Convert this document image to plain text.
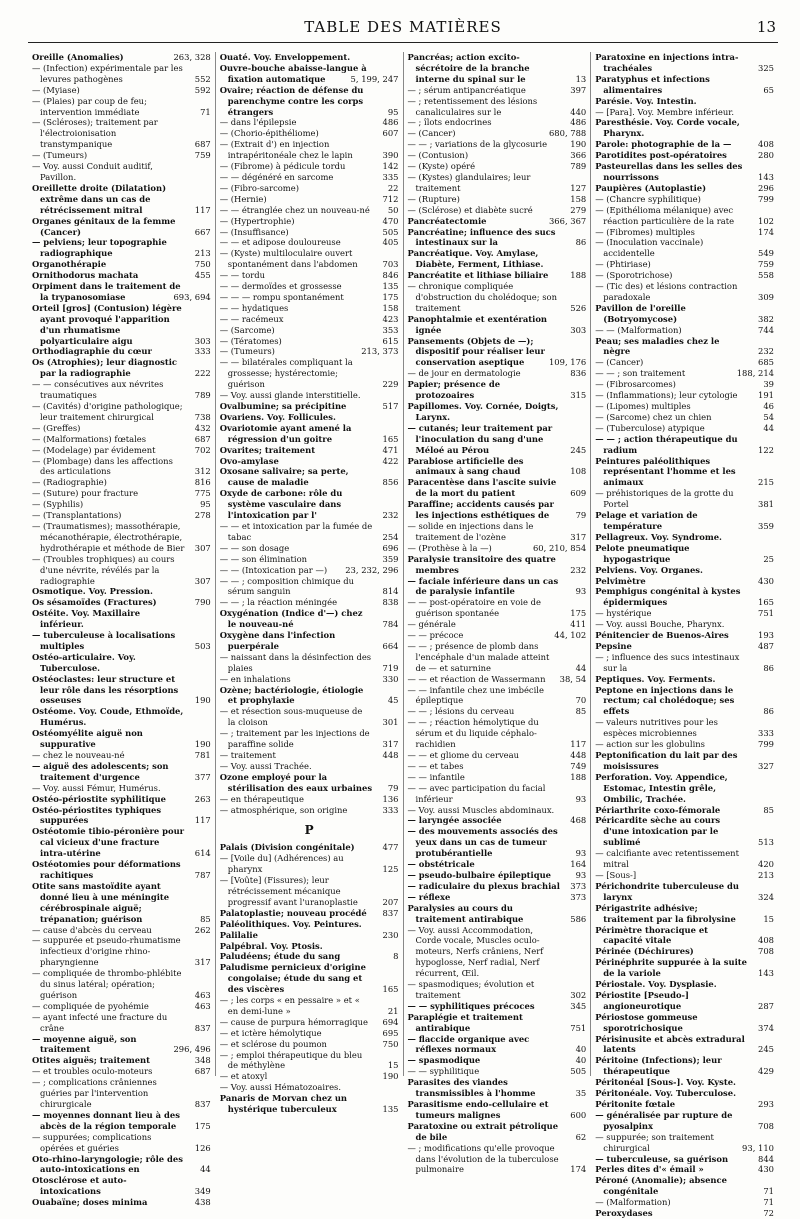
TABLE DES MATIÈRES	13
Oreille (Anomalies)	263, 328
— (Infection) expérimentale par les levures pathogènes	552
— (Myiase)	592
— (Plaies) par coup de feu; intervention immédiate	71
— (Scléroses); traitement par l'électroionisation transtympanique	687
— (Tumeurs)	759
— Voy. aussi Conduit auditif, Pavillon.
Oreillette droite (Dilatation) extrême dans un cas de rétrécissement mitral	117
Organes génitaux de la femme (Cancer)	667
— pelviens; leur topographie radiographique	213
Organothérapie	750
Ornithodorus machata	455
Orpiment dans le traitement de la trypanosomiase	693, 694
Orteil [gros] (Contusion) légère ayant provoqué l'apparition d'un rhumatisme polyarticulaire aigu	303
Orthodiagraphie du cœur	333
Os (Atrophies); leur diagnostic par la radiographie	222
— — consécutives aux névrites traumatiques	789
— (Cavités) d'origine pathologique; leur traitement chirurgical	738
— (Greffes)	432
— (Malformations) fœtales	687
— (Modelage) par évidement	702
— (Plombage) dans les affections des articulations	312
— (Radiographie)	816
— (Suture) pour fracture	775
— (Syphilis)	95
— (Transplantations)	278
— (Traumatismes); massothérapie, mécanothérapie, électrothérapie, hydrothérapie et méthode de Bier 307
— (Troubles trophiques) au cours d'une névrite, révélés par la radiographie	307
Osmotique. Voy. Pression.
Os sésamoïdes (Fractures)	790
Ostéite. Voy. Maxillaire inférieur.
— tuberculeuse à localisations multiples	503
Ostéo-articulaire. Voy. Tuberculose.
Ostéoclastes: leur structure et leur rôle dans les résorptions osseuses	190
Ostéome. Voy. Coude, Ethmoïde, Humérus.
Ostéomyélite aiguë non suppurative	190
— chez le nouveau-né	781
— aiguë des adolescents; son traitement d'urgence	377
— Voy. aussi Fémur, Humérus.
Ostéo-périostite syphilitique	263
Ostéo-périostites typhiques suppurées	117
Ostéotomie tibio-péronière pour cal vicieux d'une fracture intra-utérine	614
Ostéotomies pour déformations rachitiques	787
Otite sans mastoïdite ayant donné lieu à une méningite cérébrospinale aiguë; trépanation; guérison	85
— cause d'abcès du cerveau	262
— suppurée et pseudo-rhumatisme infectieux d'origine rhino-pharyngienne	317
— compliquée de thrombo-phlébite du sinus latéral; opération; guérison	463
— compliquée de pyohémie	463
— ayant infecté une fracture du crâne	837
— moyenne aiguë, son traitement	296, 496
Otites aiguës; traitement	348
— et troubles oculo-moteurs	687
— ; complications crâniennes guéries par l'intervention chirurgicale	837
— moyennes donnant lieu à des abcès de la région temporale 175
— suppurées; complications opérées et guéries	126
Oto-rhino-laryngologie; rôle des auto-intoxications en	44
Otosclérose et auto-intoxications	349
Ouabaïne; doses minima	438
Ouaté. Voy. Enveloppement.
Ouvre-bouche abaisse-langue à fixation automatique	5, 199, 247
Ovaire; réaction de défense du parenchyme contre les corps étrangers	95
— dans l'épilepsie	486
— (Chorio-épithéliome)	607
— (Extrait d') en injection intrapéritonéale chez le lapin	390
— (Fibrome) à pédicule tordu	142
— — dégénéré en sarcome	335
— (Fibro-sarcome)	22
— (Hernie)	712
— — étranglée chez un nouveau-né 50
— (Hypertrophie)	470
— (Insuffisance)	505
— — et adipose douloureuse	405
— (Kyste) multiloculaire ouvert spontanément dans l'abdomen	703
— — tordu	846
— — dermoïdes et grossesse	135
— — — rompu spontanément	175
— — hydatiques	158
— — racémeux	423
— (Sarcome)	353
— (Tératomes)	615
— (Tumeurs)	213, 373
— — bilatérales compliquant la grossesse; hystérectomie; guérison	229
— Voy. aussi glande interstitielle.
Ovalbumine; sa précipitine	517
Ovariens. Voy. Follicules.
Ovariotomie ayant amené la régression d'un goitre	165
Ovarites; traitement	471
Ovo-amylase	422
Oxosane salivaire; sa perte, cause de maladie	856
Oxyde de carbone: rôle du système vasculaire dans l'intoxication par l'	232
— — et intoxication par la fumée de tabac	254
— — son dosage	696
— — son élimination	359
— — (Intoxication par —) 23, 232, 296
— — ; composition chimique du sérum sanguin	814
— — ; la réaction méningée	838
Oxygénation (Indice d'—) chez le nouveau-né	784
Oxygène dans l'infection puerpérale	664
— naissant dans la désinfection des plaies	719
— en inhalations	330
Ozène; bactériologie, étiologie et prophylaxie	45
— et résection sous-muqueuse de la cloison	301
— ; traitement par les injections de paraffine solide	317
— traitement	448
— Voy. aussi Trachée.
Ozone employé pour la stérilisation des eaux urbaines 79
— en thérapeutique	136
— atmosphérique, son origine	333
P
Palais (Division congénitale)	477
— [Voile du] (Adhérences) au pharynx	125
— [Voûte] (Fissures); leur rétrécissement mécanique progressif avant l'uranoplastie	207
Palatoplastie; nouveau procédé 837
Paléolithiques. Voy. Peintures.
Palilalie	230
Palpébral. Voy. Ptosis.
Paludéens; étude du sang	8
Paludisme pernicieux d'origine congolaise; étude du sang et des viscères	165
— ; les corps « en pessaire » et « en demi-lune »	21
— cause de purpura hémorragique 694
— et ictère hémolytique	695
— et sclérose du poumon	750
— ; emploi thérapeutique du bleu de méthylène	15
— et atoxyl	190
— Voy. aussi Hématozoaires.
Panaris de Morvan chez un hystérique tuberculeux	135
Pancréas; action excito-sécrétoire de la branche interne du spinal sur le	13
— ; sérum antipancréatique	397
— ; retentissement des lésions canaliculaires sur le	440
— ; îlots endocrines	486
— (Cancer)	680, 788
— — ; variations de la glycosurie	190
— (Contusion)	366
— (Kyste) opéré	789
— (Kystes) glandulaires; leur traitement	127
— (Rupture)	158
— (Sclérose) et diabète sucré	279
Pancréatectomie	366, 367
Pancréatine; influence des sucs intestinaux sur la	86
Pancréatique. Voy. Amylase, Diabète, Ferment, Lithiase.
Pancréatite et lithiase biliaire	188
— chronique compliquée d'obstruction du cholédoque; son traitement	526
Panophtalmie et exentération ignée	303
Pansements (Objets de —); dispositif pour réaliser leur conservation aseptique	109, 176
— de jour en dermatologie	836
Papier; présence de protozoaires	315
Papillomes. Voy. Cornée, Doigts, Larynx.
— cutanés; leur traitement par l'inoculation du sang d'une Méloé au Pérou	245
Parabiose artificielle des animaux à sang chaud	108
Paracentèse dans l'ascite suivie de la mort du patient	609
Paraffine; accidents causés par les injections esthétiques de	79
— solide en injections dans le traitement de l'ozène	317
— (Prothèse à la —)	60, 210, 854
Paralysie transitoire des quatre membres	232
— faciale inférieure dans un cas de paralysie infantile	93
— — post-opératoire en voie de guérison spontanée	175
— générale	411
— — précoce	44, 102
— — ; présence de plomb dans l'encéphale d'un malade atteint de — et saturnine	44
— — et réaction de Wassermann 38, 54
— — infantile chez une imbécile épileptique	70
— — ; lésions du cerveau	85
— — ; réaction hémolytique du sérum et du liquide céphalo-rachidien	117
— — et gliome du cerveau	448
— — et tabes	749
— — infantile	188
— — avec participation du facial inférieur	93
— Voy. aussi Muscles abdominaux.
— laryngée associée	468
— des mouvements associés des yeux dans un cas de tumeur protubérantielle	93
— obstétricale	164
— pseudo-bulbaire épileptique	93
— radiculaire du plexus brachial 373
— réflexe	373
Paralysies au cours du traitement antirabique	586
— Voy. aussi Accommodation, Corde vocale, Muscles oculo-moteurs, Nerfs crâniens, Nerf hypoglosse, Nerf radial, Nerf récurrent, Œil.
— spasmodiques; évolution et traitement	302
— — syphilitiques précoces	345
Paraplégie et traitement antirabique	751
— flaccide organique avec réflexes normaux	40
— spasmodique	40
— — syphilitique	505
Parasites des viandes transmissibles à l'homme	35
Parasitisme endo-cellulaire et tumeurs malignes	600
Paratoxine ou extrait pétrolique de bile	62
— ; modifications qu'elle provoque dans l'évolution de la tuberculose pulmonaire	174
Paratoxine en injections intra-trachéales	325
Paratyphus et infections alimentaires	65
Parésie. Voy. Intestin.
— [Para]. Voy. Membre inférieur.
Paresthésie. Voy. Corde vocale, Pharynx.
Parole: photographie de la —	408
Parotidites post-opératoires	280
Pasteurellas dans les selles des nourrissons	143
Paupières (Autoplastie)	296
— (Chancre syphilitique)	799
— (Epithélioma mélanique) avec réaction particulière de la rate	102
— (Fibromes) multiples	174
— (Inoculation vaccinale) accidentelle	549
— (Phtiriase)	759
— (Sporotrichose)	558
— (Tic des) et lésions contraction paradoxale	309
Pavillon de l'oreille (Botryomycose)	382
— — (Malformation)	744
Peau; ses maladies chez le nègre	232
— (Cancer)	685
— — ; son traitement	188, 214
— (Fibrosarcomes)	39
— (Inflammations); leur cytologie 191
— (Lipomes) multiples	46
— (Sarcome) chez un chien	54
— (Tuberculose) atypique	44
— — ; action thérapeutique du radium	122
Peintures paléolithiques représentant l'homme et les animaux	215
— préhistoriques de la grotte du Portel	381
Pelage et variation de température	359
Pellagreux. Voy. Syndrome.
Pelote pneumatique hypogastrique	25
Pelviens. Voy. Organes.
Pelvimètre	430
Pemphigus congénital à kystes épidermiques	165
— hystérique	751
— Voy. aussi Bouche, Pharynx.
Pénitencier de Buenos-Aires	193
Pepsine	487
— ; influence des sucs intestinaux sur la	86
Peptiques. Voy. Ferments.
Peptone en injections dans le rectum; cal cholédoque; ses effets	86
— valeurs nutritives pour les espèces microbiennes	333
— action sur les globulins	799
Peptonification du lait par des moisissures	327
Perforation. Voy. Appendice, Estomac, Intestin grêle, Ombilic, Trachée.
Périarthrite coxo-fémorale	85
Péricardite sèche au cours d'une intoxication par le sublimé	513
— calcifiante avec retentissement mitral	420
— [Sous-]	213
Périchondrite tuberculeuse du larynx	324
Périgastrite adhésive; traitement par la fibrolysine	15
Périmètre thoracique et capacité vitale	408
Périnée (Déchirures)	708
Périnéphrite suppurée à la suite de la variole	143
Périostale. Voy. Dysplasie.
Périostite [Pseudo-] angioneurotique	287
Périostose gommeuse sporotrichosique	374
Périsinusite et abcès extradural latents	245
Péritoine (Infections); leur thérapeutique	429
Péritonéal [Sous-]. Voy. Kyste.
Péritonéale. Voy. Tuberculose.
Péritonite fœtale	293
— généralisée par rupture de pyosalpinx	708
— suppurée; son traitement chirurgical	93, 110
— tuberculeuse, sa guérison	844
Perles dites d'« émail »	430
Péroné (Anomalie); absence congénitale	71
— (Malformation)	71
Peroxydases	72
